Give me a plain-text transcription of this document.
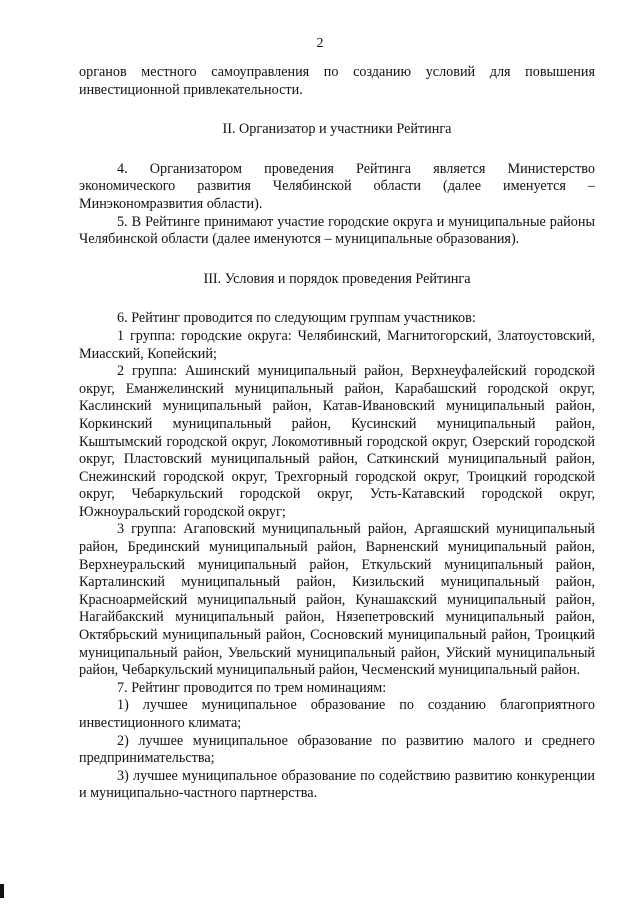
2

органов местного самоуправления по созданию условий для повышения инвестиционной привлекательности.

II. Организатор и участники Рейтинга

4. Организатором проведения Рейтинга является Министерство экономического развития Челябинской области (далее именуется – Минэкономразвития области).

5. В Рейтинге принимают участие городские округа и муниципальные районы Челябинской области (далее именуются – муниципальные образования).

III. Условия и порядок проведения Рейтинга

6. Рейтинг проводится по следующим группам участников:

1 группа: городские округа: Челябинский, Магнитогорский, Златоустовский, Миасский, Копейский;

2 группа: Ашинский муниципальный район, Верхнеуфалейский городской округ, Еманжелинский муниципальный район, Карабашский городской округ, Каслинский муниципальный район, Катав-Ивановский муниципальный район, Коркинский муниципальный район, Кусинский муниципальный район, Кыштымский городской округ, Локомотивный городской округ, Озерский городской округ, Пластовский муниципальный район, Саткинский муниципальный район, Снежинский городской округ, Трехгорный городской округ, Троицкий городской округ, Чебаркульский городской округ, Усть-Катавский городской округ, Южноуральский городской округ;

3 группа: Агаповский муниципальный район, Аргаяшский муниципальный район, Брединский муниципальный район, Варненский муниципальный район, Верхнеуральский муниципальный район, Еткульский муниципальный район, Карталинский муниципальный район, Кизильский муниципальный район, Красноармейский муниципальный район, Кунашакский муниципальный район, Нагайбакский муниципальный район, Нязепетровский муниципальный район, Октябрьский муниципальный район, Сосновский муниципальный район, Троицкий муниципальный район, Увельский муниципальный район, Уйский муниципальный район, Чебаркульский муниципальный район, Чесменский муниципальный район.

7. Рейтинг проводится по трем номинациям:

1) лучшее муниципальное образование по созданию благоприятного инвестиционного климата;

2) лучшее муниципальное образование по развитию малого и среднего предпринимательства;

3) лучшее муниципальное образование по содействию развитию конкуренции и муниципально-частного партнерства.
